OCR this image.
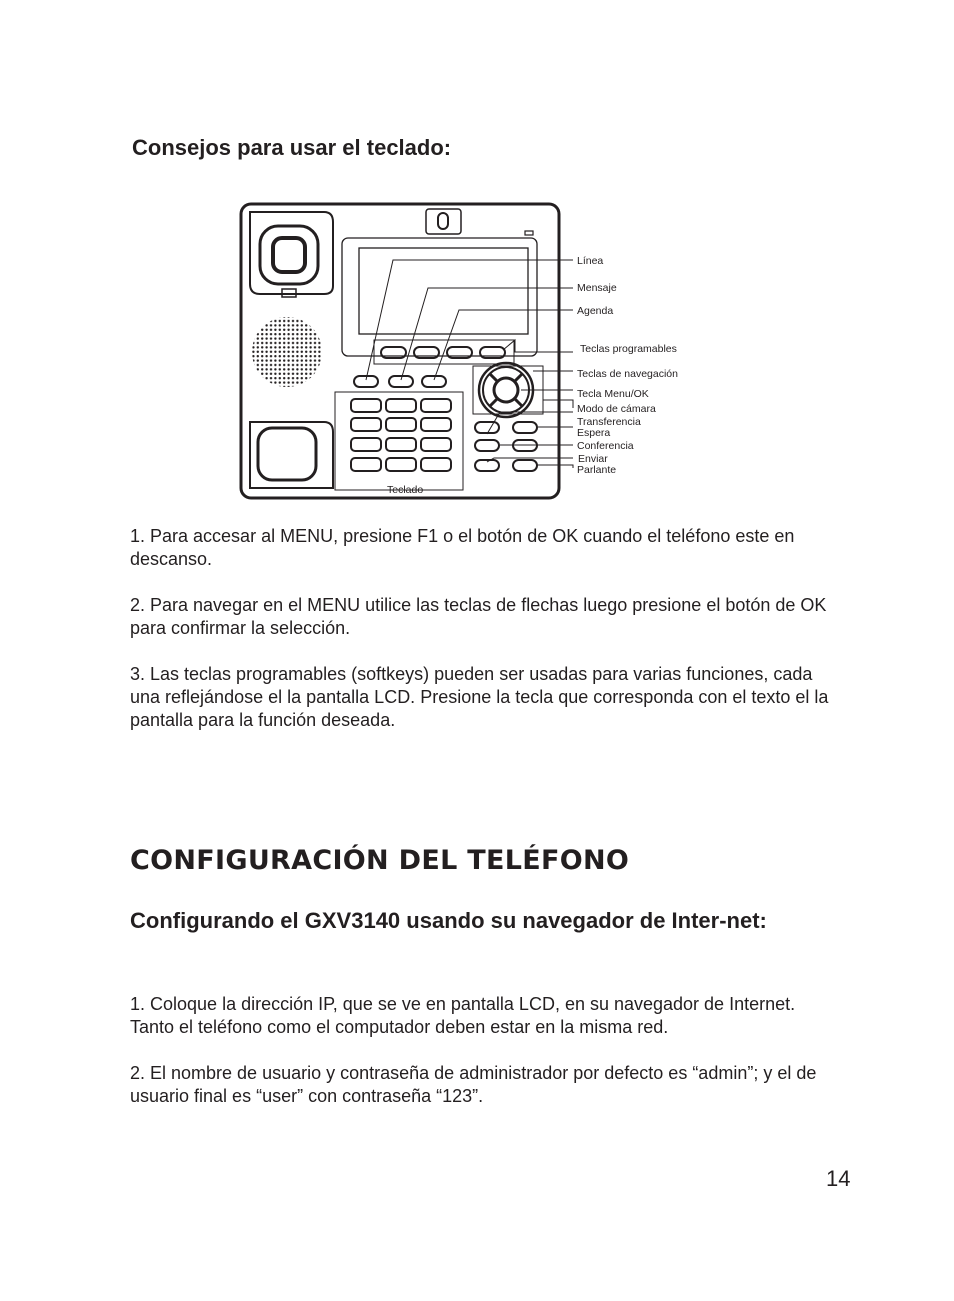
Consejos para usar el teclado:
Línea
Mensaje
Agenda
Teclas programables
Teclas de navegación
Tecla Menu/OK
Modo de cámara
Transferencia
Espera
Conferencia
Enviar
Parlante
Teclado
1. Para accesar al MENU, presione F1 o el botón de OK cuando el teléfono este en descanso.
2. Para navegar en el MENU utilice las teclas de flechas luego presione el botón de OK para confirmar la selección.
3. Las teclas programables (softkeys) pueden ser usadas para varias funciones, cada una reflejándose el la pantalla LCD. Presione la tecla que corresponda con el texto el la pantalla para la función deseada.
CONFIGURACIÓN DEL TELÉFONO
Configurando el GXV3140 usando su navegador de Inter-net:
1. Coloque la dirección IP, que se ve en pantalla LCD, en su navegador de Internet. Tanto el teléfono como el computador deben estar en la misma red.
2. El nombre de usuario y contraseña de administrador por defecto es “admin”; y el de usuario final es “user” con contraseña “123”.
14
